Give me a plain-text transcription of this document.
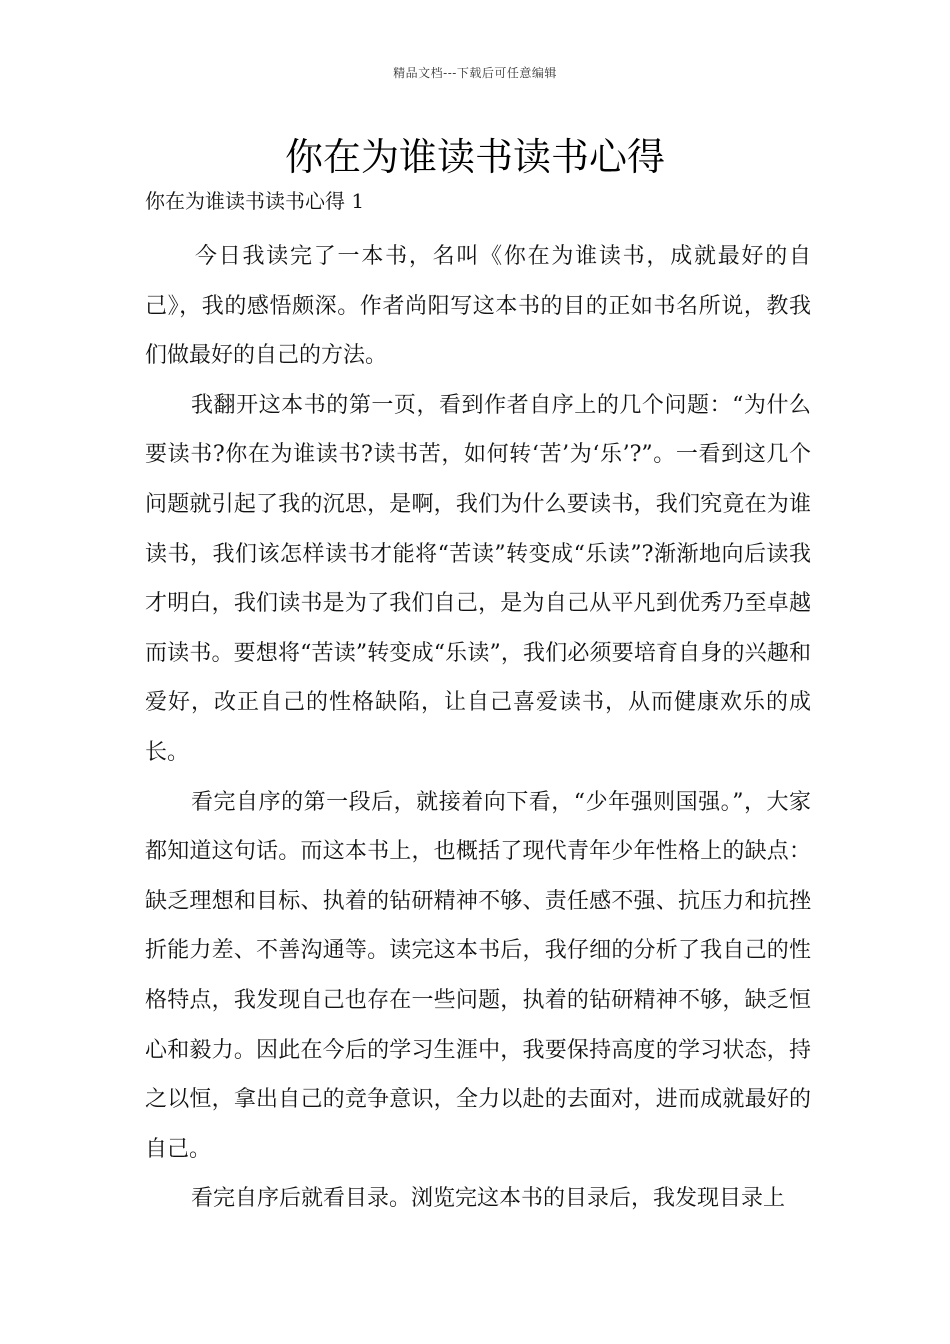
精品文档---下载后可任意编辑
你在为谁读书读书心得
你在为谁读书读书心得 1

今日我读完了一本书，名叫《你在为谁读书，成就最好的自己》，我的感悟颇深。作者尚阳写这本书的目的正如书名所说，教我们做最好的自己的方法。

我翻开这本书的第一页，看到作者自序上的几个问题：“为什么要读书?你在为谁读书?读书苦，如何转‘苦’为‘乐’?”。一看到这几个问题就引起了我的沉思，是啊，我们为什么要读书，我们究竟在为谁读书，我们该怎样读书才能将“苦读”转变成“乐读”?渐渐地向后读我才明白，我们读书是为了我们自己，是为自己从平凡到优秀乃至卓越而读书。要想将“苦读”转变成“乐读”，我们必须要培育自身的兴趣和爱好，改正自己的性格缺陷，让自己喜爱读书，从而健康欢乐的成长。

看完自序的第一段后，就接着向下看，“少年强则国强。”，大家都知道这句话。而这本书上，也概括了现代青年少年性格上的缺点：缺乏理想和目标、执着的钻研精神不够、责任感不强、抗压力和抗挫折能力差、不善沟通等。读完这本书后，我仔细的分析了我自己的性格特点，我发现自己也存在一些问题，执着的钻研精神不够，缺乏恒心和毅力。因此在今后的学习生涯中，我要保持高度的学习状态，持之以恒，拿出自己的竞争意识，全力以赴的去面对，进而成就最好的自己。

看完自序后就看目录。浏览完这本书的目录后，我发现目录上
